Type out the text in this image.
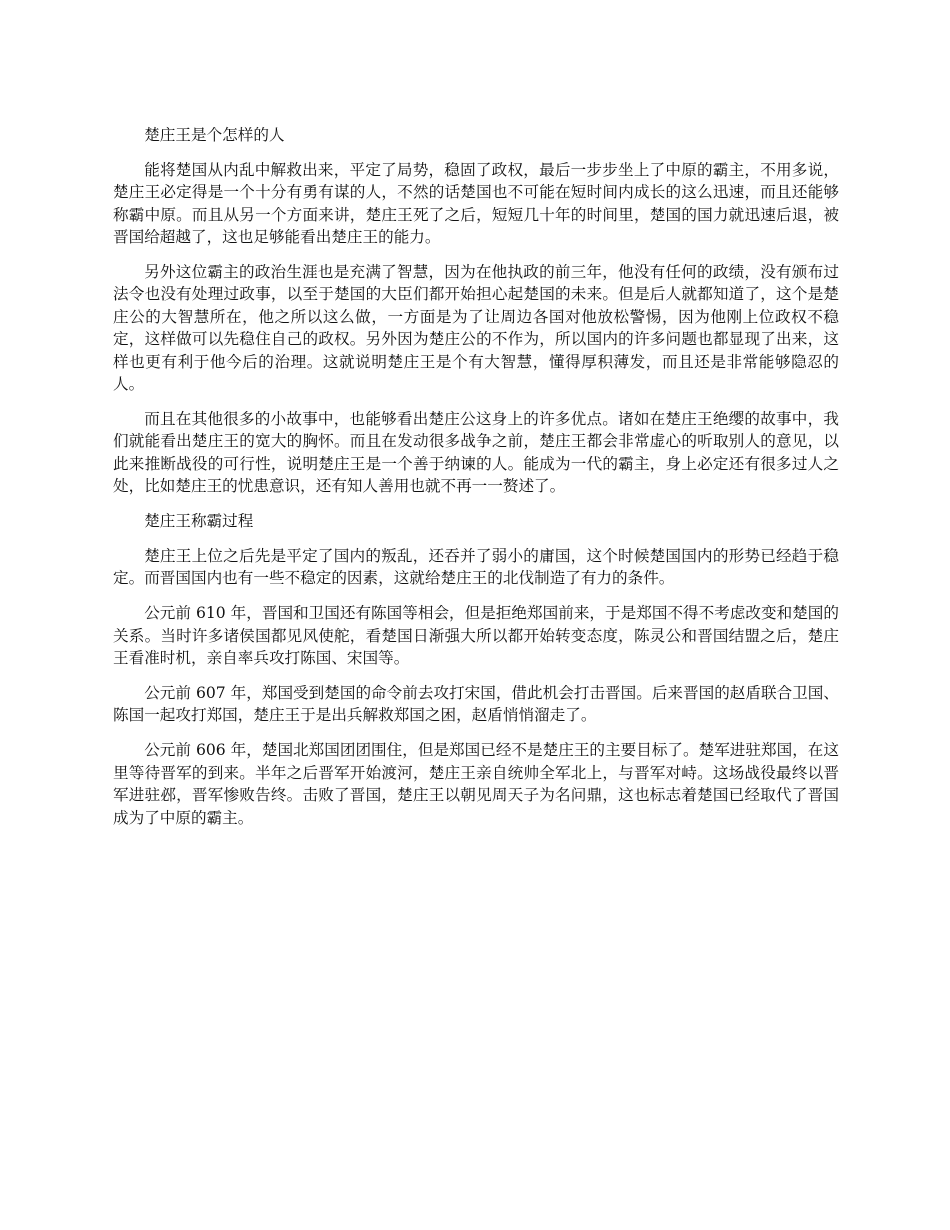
楚庄王是个怎样的人

能将楚国从内乱中解救出来，平定了局势，稳固了政权，最后一步步坐上了中原的霸主，不用多说，楚庄王必定得是一个十分有勇有谋的人，不然的话楚国也不可能在短时间内成长的这么迅速，而且还能够称霸中原。而且从另一个方面来讲，楚庄王死了之后，短短几十年的时间里，楚国的国力就迅速后退，被晋国给超越了，这也足够能看出楚庄王的能力。

另外这位霸主的政治生涯也是充满了智慧，因为在他执政的前三年，他没有任何的政绩，没有颁布过法令也没有处理过政事，以至于楚国的大臣们都开始担心起楚国的未来。但是后人就都知道了，这个是楚庄公的大智慧所在，他之所以这么做，一方面是为了让周边各国对他放松警惕，因为他刚上位政权不稳定，这样做可以先稳住自己的政权。另外因为楚庄公的不作为，所以国内的许多问题也都显现了出来，这样也更有利于他今后的治理。这就说明楚庄王是个有大智慧，懂得厚积薄发，而且还是非常能够隐忍的人。

而且在其他很多的小故事中，也能够看出楚庄公这身上的许多优点。诸如在楚庄王绝缨的故事中，我们就能看出楚庄王的宽大的胸怀。而且在发动很多战争之前，楚庄王都会非常虚心的听取别人的意见，以此来推断战役的可行性，说明楚庄王是一个善于纳谏的人。能成为一代的霸主，身上必定还有很多过人之处，比如楚庄王的忧患意识，还有知人善用也就不再一一赘述了。

楚庄王称霸过程

楚庄王上位之后先是平定了国内的叛乱，还吞并了弱小的庸国，这个时候楚国国内的形势已经趋于稳定。而晋国国内也有一些不稳定的因素，这就给楚庄王的北伐制造了有力的条件。

公元前 610 年，晋国和卫国还有陈国等相会，但是拒绝郑国前来，于是郑国不得不考虑改变和楚国的关系。当时许多诸侯国都见风使舵，看楚国日渐强大所以都开始转变态度，陈灵公和晋国结盟之后，楚庄王看准时机，亲自率兵攻打陈国、宋国等。

公元前 607 年，郑国受到楚国的命令前去攻打宋国，借此机会打击晋国。后来晋国的赵盾联合卫国、陈国一起攻打郑国，楚庄王于是出兵解救郑国之困，赵盾悄悄溜走了。

公元前 606 年，楚国北郑国团团围住，但是郑国已经不是楚庄王的主要目标了。楚军进驻郑国，在这里等待晋军的到来。半年之后晋军开始渡河，楚庄王亲自统帅全军北上，与晋军对峙。这场战役最终以晋军进驻邲，晋军惨败告终。击败了晋国，楚庄王以朝见周天子为名问鼎，这也标志着楚国已经取代了晋国成为了中原的霸主。
